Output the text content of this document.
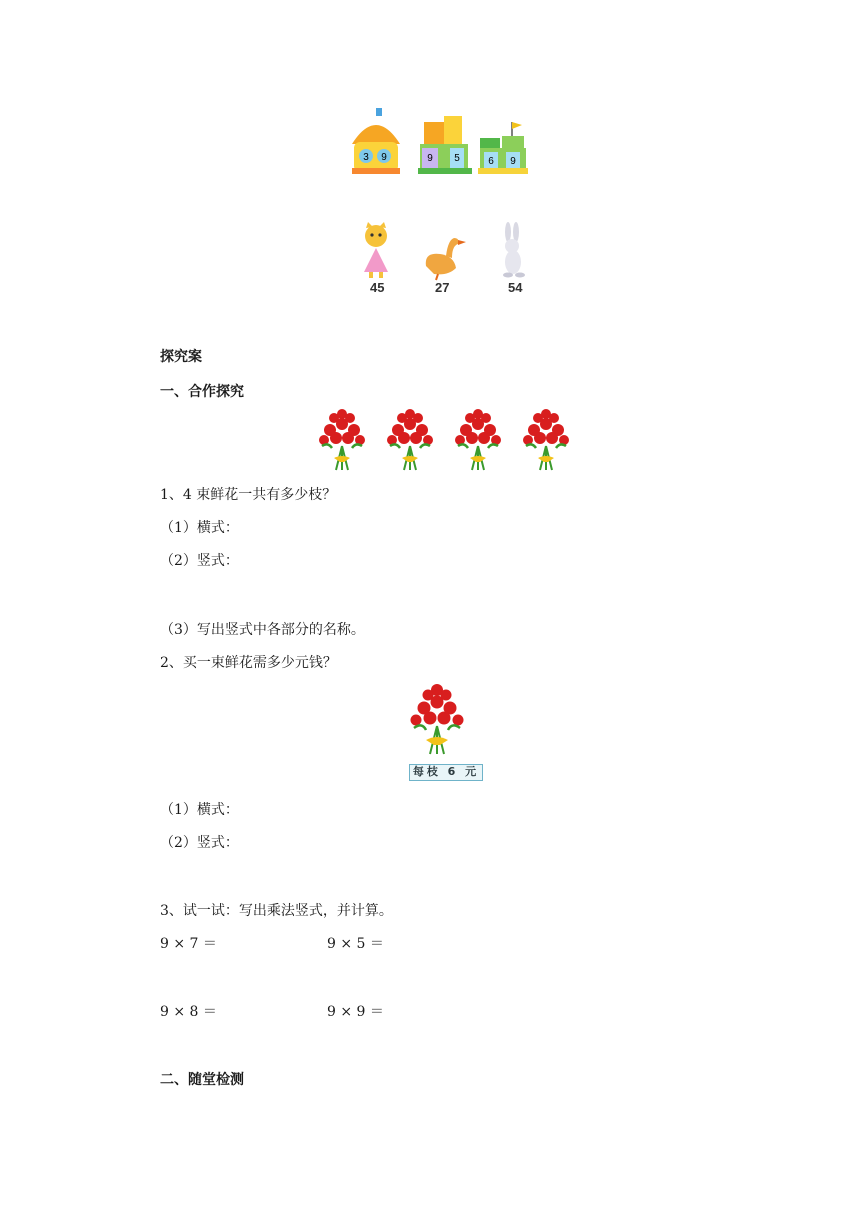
3 9	9 5	6 9
45	27	54
探究案
一、合作探究
1、4 束鲜花一共有多少枝？
（1）横式：
（2）竖式：
（3）写出竖式中各部分的名称。
2、买一束鲜花需多少元钱？
每枝 6 元
（1）横式：
（2）竖式：
3、试一试：写出乘法竖式，并计算。
9 × 7 ＝	9 × 5 ＝
9 × 8 ＝	9 × 9 ＝
二、随堂检测
